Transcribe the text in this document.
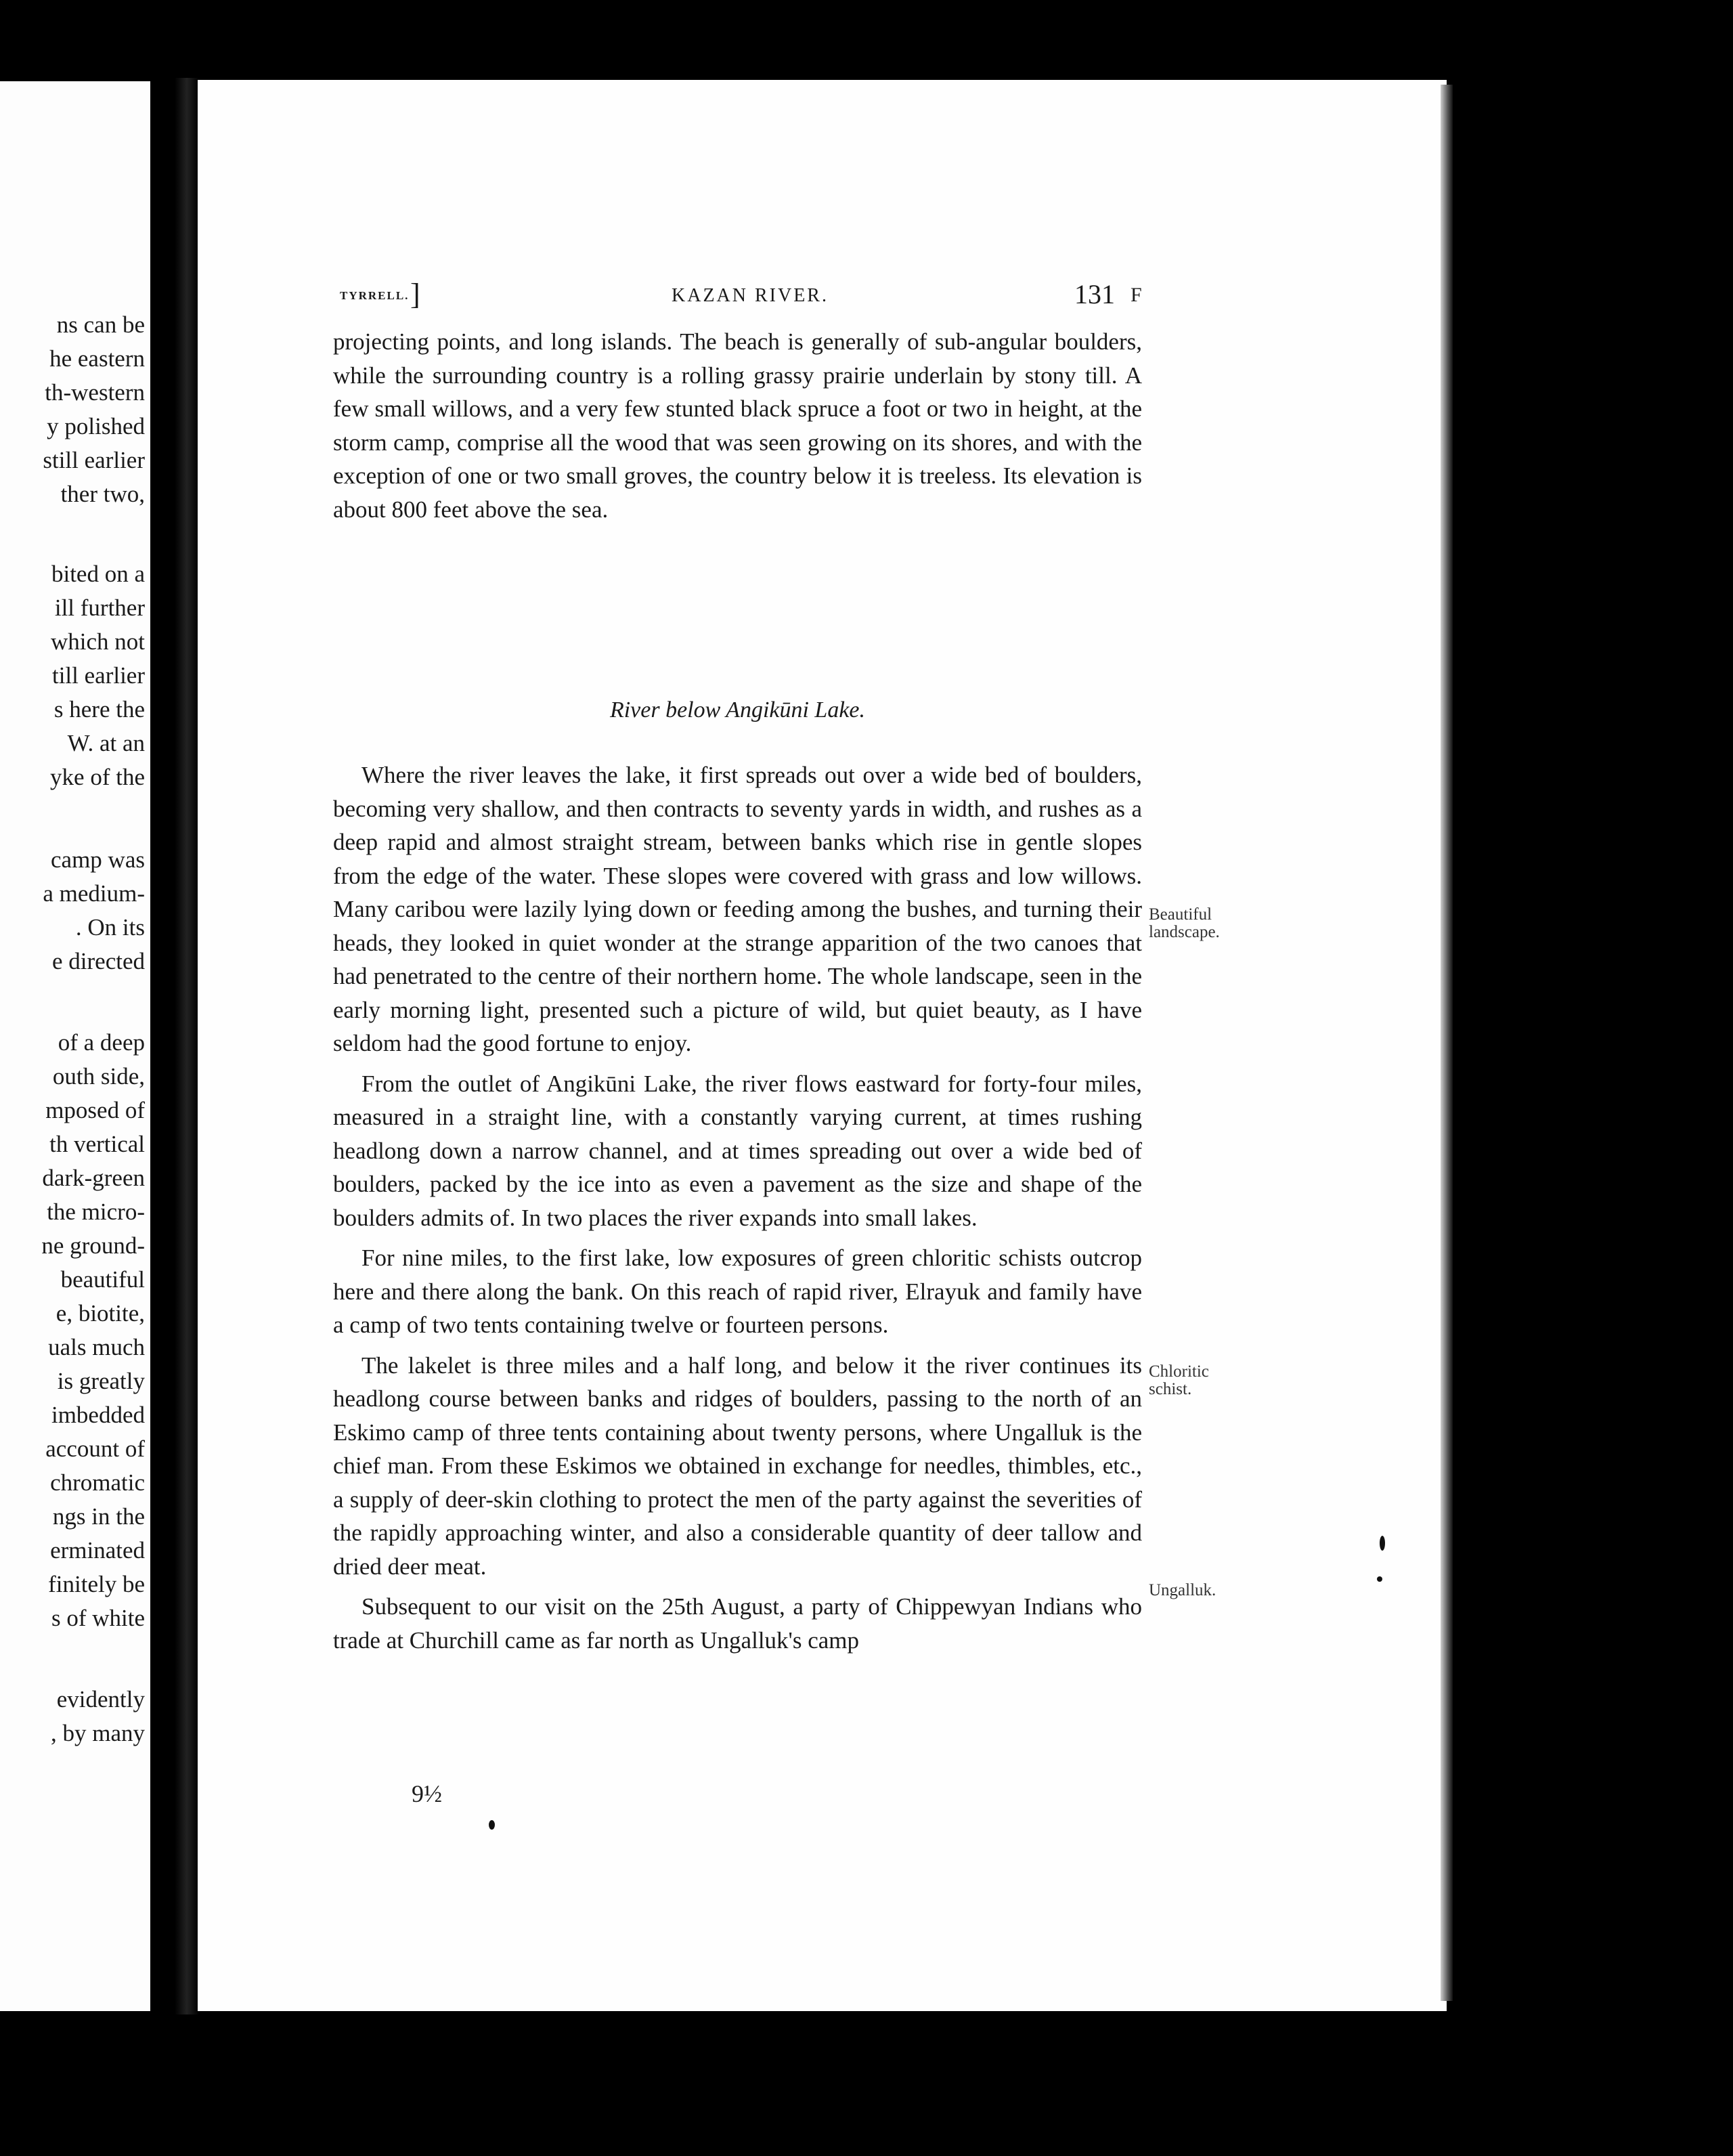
ns can be
he eastern
th-western
y polished
still earlier
ther two,
bited on a
ill further
which not
till earlier
s here the
W. at an
yke of the
camp was
a medium-
. On its
e directed
of a deep
outh side,
mposed of
th vertical
dark-green
the micro-
ne ground-
beautiful
e, biotite,
uals much
is greatly
imbedded
account of
chromatic
ngs in the
erminated
finitely be
s of white
evidently
, by many
TYRRELL. ]	KAZAN RIVER.	131 F

projecting points, and long islands. The beach is generally of sub-angular boulders, while the surrounding country is a rolling grassy prairie underlain by stony till. A few small willows, and a very few stunted black spruce a foot or two in height, at the storm camp, comprise all the wood that was seen growing on its shores, and with the exception of one or two small groves, the country below it is treeless. Its elevation is about 800 feet above the sea.

River below Angikūni Lake.

Where the river leaves the lake, it first spreads out over a wide bed of boulders, becoming very shallow, and then contracts to seventy yards in width, and rushes as a deep rapid and almost straight stream, between banks which rise in gentle slopes from the edge of the water. These slopes were covered with grass and low willows. Many caribou were lazily lying down or feeding among the bushes, and turning their heads, they looked in quiet wonder at the strange apparition of the two canoes that had penetrated to the centre of their northern home. The whole landscape, seen in the early morning light, presented such a picture of wild, but quiet beauty, as I have seldom had the good fortune to enjoy.

From the outlet of Angikūni Lake, the river flows eastward for forty-four miles, measured in a straight line, with a constantly varying current, at times rushing headlong down a narrow channel, and at times spreading out over a wide bed of boulders, packed by the ice into as even a pavement as the size and shape of the boulders admits of. In two places the river expands into small lakes.

For nine miles, to the first lake, low exposures of green chloritic schists outcrop here and there along the bank. On this reach of rapid river, Elrayuk and family have a camp of two tents containing twelve or fourteen persons.

The lakelet is three miles and a half long, and below it the river continues its headlong course between banks and ridges of boulders, passing to the north of an Eskimo camp of three tents containing about twenty persons, where Ungalluk is the chief man. From these Eskimos we obtained in exchange for needles, thimbles, etc., a supply of deer-skin clothing to protect the men of the party against the severities of the rapidly approaching winter, and also a considerable quantity of deer tallow and dried deer meat.

Subsequent to our visit on the 25th August, a party of Chippewyan Indians who trade at Churchill came as far north as Ungalluk's camp

Beautiful
landscape.
Chloritic
schist.
Ungalluk.
9½
